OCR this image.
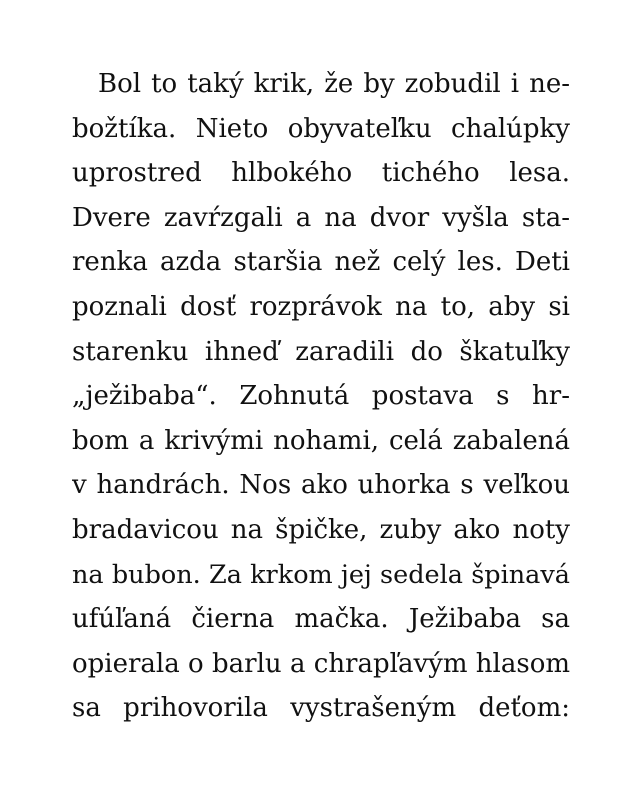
Bol to taký krik, že by zobudil i ne-
božtíka. Nieto obyvateľku chalúpky
uprostred hlbokého tichého lesa.
Dvere zavŕzgali a na dvor vyšla sta-
renka azda staršia než celý les. Deti
poznali dosť rozprávok na to, aby si
starenku ihneď zaradili do škatuľky
„ježibaba“. Zohnutá postava s hr-
bom a krivými nohami, celá zabalená
v handrách. Nos ako uhorka s veľkou
bradavicou na špičke, zuby ako noty
na bubon. Za krkom jej sedela špinavá
ufúľaná čierna mačka. Ježibaba sa
opierala o barlu a chrapľavým hlasom
sa prihovorila vystrašeným deťom:
